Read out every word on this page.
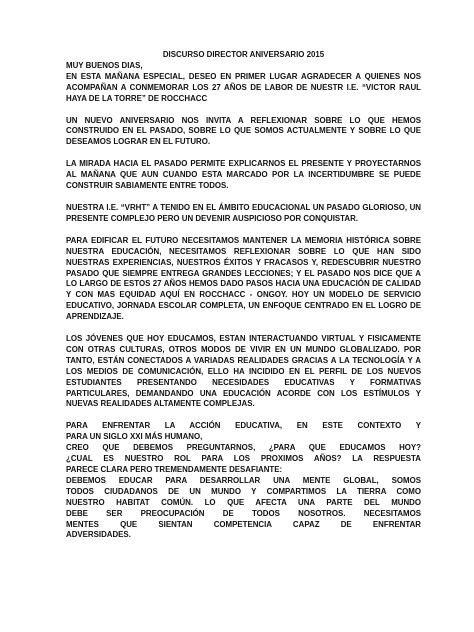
DISCURSO DIRECTOR ANIVERSARIO 2015

MUY BUENOS DIAS,

EN ESTA MAÑANA ESPECIAL, DESEO EN PRIMER LUGAR AGRADECER A QUIENES NOS ACOMPAÑAN A CONMEMORAR LOS 27 AÑOS DE LABOR DE NUESTR I.E. “VICTOR RAUL HAYA DE LA TORRE” DE ROCCHACC

UN NUEVO ANIVERSARIO NOS INVITA A REFLEXIONAR SOBRE LO QUE HEMOS CONSTRUIDO EN EL PASADO, SOBRE LO QUE SOMOS ACTUALMENTE Y SOBRE LO QUE DESEAMOS LOGRAR EN EL FUTURO.

LA MIRADA HACIA EL PASADO PERMITE EXPLICARNOS EL PRESENTE Y PROYECTARNOS AL MAÑANA QUE AUN CUANDO ESTA MARCADO POR LA INCERTIDUMBRE SE PUEDE CONSTRUIR SABIAMENTE ENTRE TODOS.

NUESTRA I.E. “VRHT” A TENIDO EN EL ÁMBITO EDUCACIONAL UN PASADO GLORIOSO, UN PRESENTE COMPLEJO PERO UN DEVENIR AUSPICIOSO POR CONQUISTAR.

PARA EDIFICAR EL FUTURO NECESITAMOS MANTENER LA MEMORIA HISTÓRICA SOBRE NUESTRA EDUCACIÓN, NECESITAMOS REFLEXIONAR SOBRE LO QUE HAN SIDO NUESTRAS EXPERIENCIAS, NUESTROS ÉXITOS Y FRACASOS Y, REDESCUBRIR NUESTRO PASADO QUE SIEMPRE ENTREGA GRANDES LECCIONES; Y EL PASADO NOS DICE QUE A LO LARGO DE ESTOS 27 AÑOS HEMOS DADO PASOS HACIA UNA EDUCACIÓN DE CALIDAD Y CON MAS EQUIDAD AQUÍ EN ROCCHACC - ONGOY. HOY UN MODELO DE SERVICIO EDUCATIVO, JORNADA ESCOLAR COMPLETA, UN ENFOQUE CENTRADO EN EL LOGRO DE APRENDIZAJE.

LOS JÓVENES QUE HOY EDUCAMOS, ESTAN INTERACTUANDO VIRTUAL Y FISICAMENTE CON OTRAS CULTURAS, OTROS MODOS DE VIVIR EN UN MUNDO GLOBALIZADO. POR TANTO, ESTÁN CONECTADOS A VARIADAS REALIDADES GRACIAS A LA TECNOLOGÍA Y A LOS MEDIOS DE COMUNICACIÓN, ELLO HA INCIDIDO EN EL PERFIL DE LOS NUEVOS ESTUDIANTES PRESENTANDO NECESIDADES EDUCATIVAS Y FORMATIVAS PARTICULARES, DEMANDANDO UNA EDUCACIÓN ACORDE CON LOS ESTÍMULOS Y NUEVAS REALIDADES ALTAMENTE COMPLEJAS.

PARA ENFRENTAR LA ACCIÓN EDUCATIVA, EN ESTE CONTEXTO Y

PARA UN SIGLO XXI MÁS HUMANO,

CREO QUE DEBEMOS PREGUNTARNOS, ¿PARA QUE EDUCAMOS HOY?

¿CUAL ES NUESTRO ROL PARA LOS PROXIMOS AÑOS? LA RESPUESTA

PARECE CLARA PERO TREMENDAMENTE DESAFIANTE:

DEBEMOS EDUCAR PARA DESARROLLAR UNA MENTE GLOBAL, SOMOS

TODOS CIUDADANOS DE UN MUNDO Y COMPARTIMOS LA TIERRA COMO

NUESTRO HABITAT COMÚN. LO QUE AFECTA UNA PARTE DEL MUNDO

DEBE SER PREOCUPACIÓN DE TODOS NOSOTROS. NECESITAMOS

MENTES QUE SIENTAN COMPETENCIA CAPAZ DE ENFRENTAR

ADVERSIDADES.
